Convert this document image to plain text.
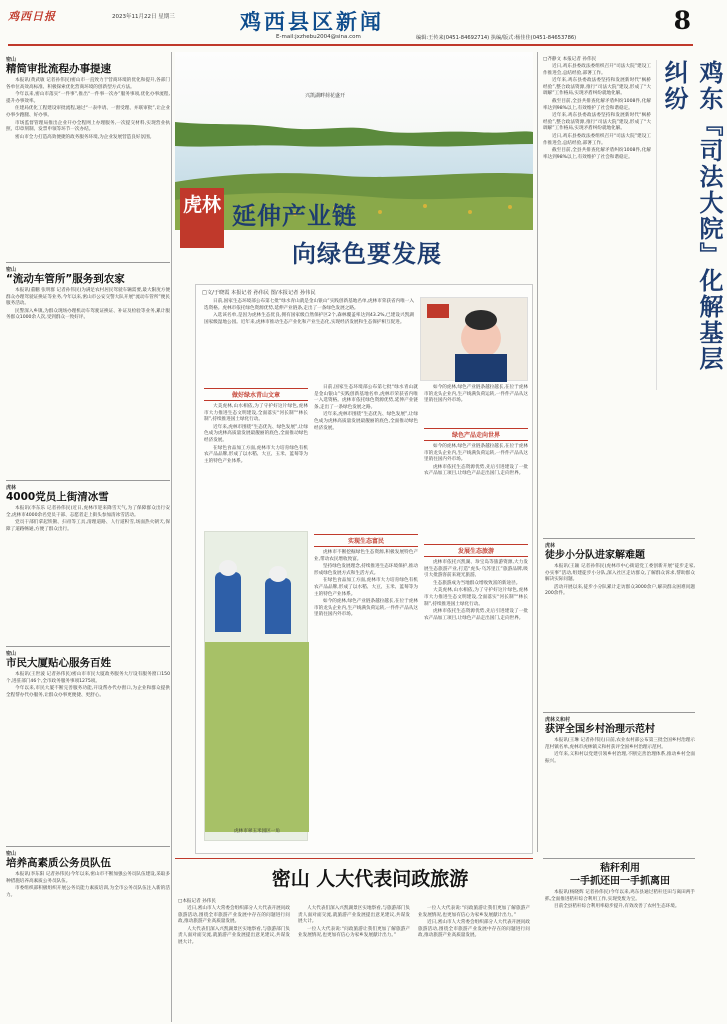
鸡西日报	2023年11月22日 星期三	鸡西县区新闻
E-mail:jxzhebu2004@sina.com	编辑:王传来(0451-84692714) 执编/版式:杨佳佳(0451-84653786)
8
密山
精简审批流程办事提速

本报讯(黄武敏 记者孙伟民)密山市一直致力于营商环境的优化和提升,各部门各单位高效高标准、积极探索优化营商环境的创新型方式方法。

今年以来,密山市落实“一件事”,推出“一件事一次办”服务事项,优化办事流程,提升办事效率。

住建局优化工程建设审批流程,通过“一表申请、一窗受理、并联审批”,让企业办事少跑腿、好办事。

市场监督管理局推出企业开办全程网上办理服务,一次提交材料,实现营业执照、印章刻制、发票申领等环节一次办结。

密山市全力打造高效便捷的政务服务环境,为企业发展营造良好氛围。

密山
“流动车管所”服务到农家

本报讯(董鹏 张明群 记者孙伟民)为满足农村居民驾驶车辆需要,最大限度方便群众办理驾驶证换证等业务,今年以来,密山市公安交警大队开展“流动车管所”便民服务活动。

民警深入乡镇,为群众现场办理机动车驾驶证换证、补证及检验等业务,累计服务群众1000余人次,受到群众一致好评。

虎林
4000党员上街清冰雪

本报讯(李东乐 记者孙伟民)近日,虎林市迎来降雪天气,为了保障群众出行安全,虎林市4000余名党员干部、志愿者走上街头参加清冰雪活动。

党员干部们拿起铁锹、扫帚等工具,清理道路、人行道积雪,场面热火朝天,保障了道路畅通,方便了群众出行。

密山
市民大厦贴心服务百姓

本报讯(王世波 记者孙伟民)密山市市民大厦政务服务大厅设有服务窗口150个,进驻部门46个,全市政务服务事项1275项。

今年以来,市民大厦不断完善服务功能,开设帮办代办窗口,为企业和群众提供全程帮办代办服务,让群众办事更便捷、更舒心。

密山
培养高素质公务员队伍

本报讯(李东阳 记者孙伟民)今年以来,密山市不断加强公务员队伍建设,采取多种措施培养高素质公务员队伍。

市委组织部积极组织开展公务员能力素质培训,为全市公务员队伍注入新的活力。

兴凯湖畔荷花盛开
虎林 延伸产业链
向绿色要发展
□文/于晓霞 本报记者 孙伟民 图/本报记者 孙伟民

日前,国家生态环境部公布第七批“绿水青山就是金山银山”实践创新基地名单,虎林市荣获省内唯一入选资格。虎林市依托绿色资源优势,延伸产业链条,走出了一条绿色发展之路。

入选该名单,是因为虎林生态优良,拥有国家级自然保护区2个,森林覆盖率达到43.2%,已建设兴凯湖国家级湿地公园。近年来,虎林市推动生态产业化和产业生态化,实现经济发展和生态保护相互促进。

做好绿水青山文章

大美虎林,山水相依,为了守护好这片绿色,虎林市大力推进生态文明建设,全面落实“河长制”“林长制”,持续推进国土绿化行动。

近年来,虎林市围绕“生态优先、绿色发展”,让绿色成为虎林高质量发展最靓丽的底色,全面推动绿色经济发展。

在绿色食品加工方面,虎林市大力培育绿色有机农产品品牌,形成了以水稻、大豆、玉米、蓝莓等为主的特色产业体系。

日前,国家生态环境部公布第七批“绿水青山就是金山银山”实践创新基地名单,虎林市荣获省内唯一入选资格。虎林市依托绿色资源优势,延伸产业链条,走出了一条绿色发展之路。

近年来,虎林市围绕“生态优先、绿色发展”,让绿色成为虎林高质量发展最靓丽的底色,全面推动绿色经济发展。

如今的虎林,绿色产业链条越拉越长,在位于虎林市的龙头企业内,生产线满负荷运转,一件件产品从这里销往国内外市场。

绿色产品走向世界

如今的虎林,绿色产业链条越拉越长,在位于虎林市的龙头企业内,生产线满负荷运转,一件件产品从这里销往国内外市场。

虎林市依托生态资源优势,先后引进建设了一批农产品加工项目,让绿色产品走出国门,走向世界。

虎林市翠玉米园区一角
实现生态富民

虎林市不断挖掘绿色生态资源,积极发展特色产业,带动农民增收致富。

坚持绿色发展理念,持续推进生态环境保护,推动形成绿色发展方式和生活方式。

在绿色食品加工方面,虎林市大力培育绿色有机农产品品牌,形成了以水稻、大豆、玉米、蓝莓等为主的特色产业体系。

如今的虎林,绿色产业链条越拉越长,在位于虎林市的龙头企业内,生产线满负荷运转,一件件产品从这里销往国内外市场。

发展生态旅游

虎林市依托兴凯湖、珍宝岛等旅游资源,大力发展生态旅游产业,打造“虎头·乌苏里江”旅游品牌,吸引大批游客前来观光旅游。

生态旅游成为当地群众增收致富的新途径。

大美虎林,山水相依,为了守护好这片绿色,虎林市大力推进生态文明建设,全面落实“河长制”“林长制”,持续推进国土绿化行动。

虎林市依托生态资源优势,先后引进建设了一批农产品加工项目,让绿色产品走出国门,走向世界。

鸡东『司法大院』化解基层纠纷
□齐静文 本报记者 孙伟民

近日,鸡东县委政法委组织召开“司法大院”建设工作推进会,总结经验,部署工作。

近年来,鸡东县委政法委坚持和发展新时代“枫桥经验”,整合政法资源,推行“司法大院”建设,形成了“大调解”工作格局,实现矛盾纠纷就地化解。

截至目前,全县共排查化解矛盾纠纷1008件,化解率达到98%以上,有效维护了社会和谐稳定。

近年来,鸡东县委政法委坚持和发展新时代“枫桥经验”,整合政法资源,推行“司法大院”建设,形成了“大调解”工作格局,实现矛盾纠纷就地化解。

近日,鸡东县委政法委组织召开“司法大院”建设工作推进会,总结经验,部署工作。

截至目前,全县共排查化解矛盾纠纷1008件,化解率达到98%以上,有效维护了社会和谐稳定。

虎林
徒步小分队进家解难题

本报讯(王颖 记者孙伟民)虎林市中心街道党工委创新开展“徒步走家,办实事”活动,组建徒步小分队,深入社区走访群众,了解群众诉求,帮助群众解决实际问题。

活动开展以来,徒步小分队累计走访群众3000余户,解决群众困难问题200余件。

虎林义和村
获评全国乡村治理示范村

本报讯(王琳 记者孙伟民)日前,农业农村部公布第三批全国乡村治理示范村镇名单,虎林市虎林镇义和村获评全国乡村治理示范村。

近年来,义和村以党建引领乡村治理,不断完善治理体系,推动乡村全面振兴。

秸秆利用
一手抓还田一手抓离田

本报讯(杨晓辉 记者孙伟民)今年以来,鸡东县通过秸秆还田与离田两手抓,全面推进秸秆综合利用工作,实现变废为宝。

目前全县秸秆综合利用率稳步提升,有效改善了农村生态环境。

密山 人大代表问政旅游
□本报记者 孙伟民

近日,密山市人大常委会组织部分人大代表开展问政旅游活动,围绕全市旅游产业发展中存在的问题进行问政,推动旅游产业高质量发展。

人大代表们深入兴凯湖景区实地察看,与旅游部门负责人面对面交流,就旅游产业发展提出意见建议,共谋发展大计。

人大代表们深入兴凯湖景区实地察看,与旅游部门负责人面对面交流,就旅游产业发展提出意见建议,共谋发展大计。

一位人大代表说:“问政旅游让我们更加了解旅游产业发展情况,也更加有信心为家乡发展献计出力。”

一位人大代表说:“问政旅游让我们更加了解旅游产业发展情况,也更加有信心为家乡发展献计出力。”

近日,密山市人大常委会组织部分人大代表开展问政旅游活动,围绕全市旅游产业发展中存在的问题进行问政,推动旅游产业高质量发展。
